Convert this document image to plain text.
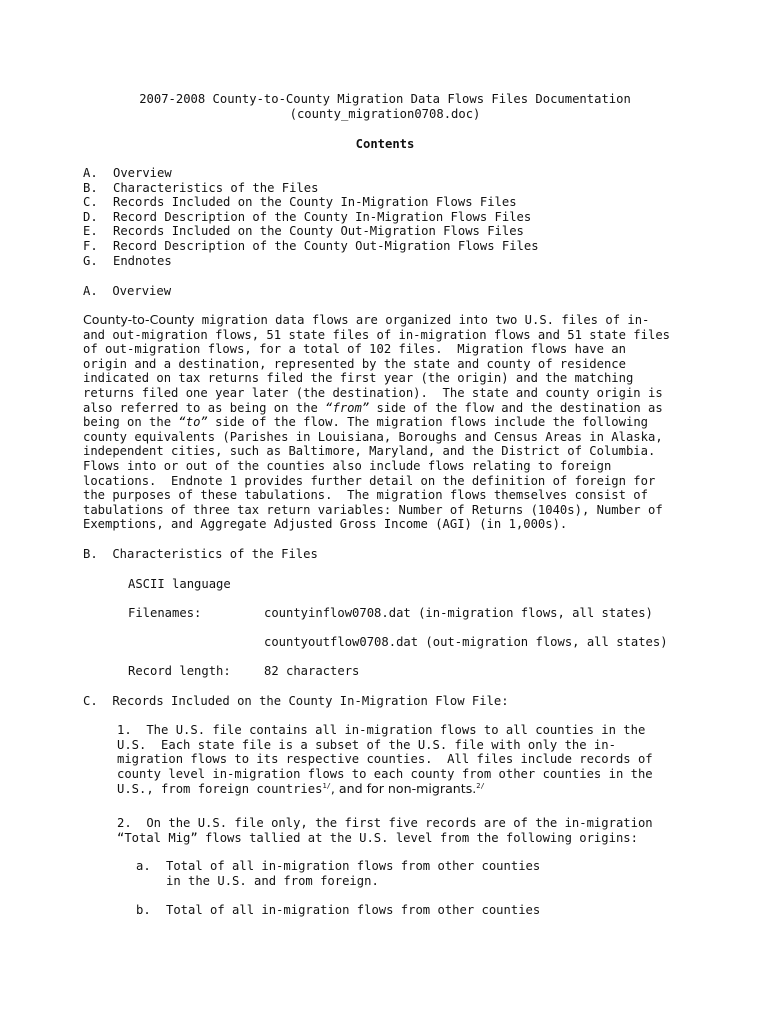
2007-2008 County-to-County Migration Data Flows Files Documentation
(county_migration0708.doc)
Contents
A.	Overview
B.	Characteristics of the Files
C.	Records Included on the County In-Migration Flows Files
D.	Record Description of the County In-Migration Flows Files
E.	Records Included on the County Out-Migration Flows Files
F.	Record Description of the County Out-Migration Flows Files
G.	Endnotes
A.  Overview
County-to-County migration data flows are organized into two U.S. files of in-
and out-migration flows, 51 state files of in-migration flows and 51 state files
of out-migration flows, for a total of 102 files.  Migration flows have an
origin and a destination, represented by the state and county of residence
indicated on tax returns filed the first year (the origin) and the matching
returns filed one year later (the destination).  The state and county origin is
also referred to as being on the “from” side of the flow and the destination as
being on the “to” side of the flow. The migration flows include the following
county equivalents (Parishes in Louisiana, Boroughs and Census Areas in Alaska,
independent cities, such as Baltimore, Maryland, and the District of Columbia.
Flows into or out of the counties also include flows relating to foreign
locations.  Endnote 1 provides further detail on the definition of foreign for
the purposes of these tabulations.  The migration flows themselves consist of
tabulations of three tax return variables: Number of Returns (1040s), Number of
Exemptions, and Aggregate Adjusted Gross Income (AGI) (in 1,000s).
B.  Characteristics of the Files
ASCII language
Filenames:	countyinflow0708.dat (in-migration flows, all states)
countyoutflow0708.dat (out-migration flows, all states)
Record length:	82 characters
C.  Records Included on the County In-Migration Flow File:
1.  The U.S. file contains all in-migration flows to all counties in the
U.S.  Each state file is a subset of the U.S. file with only the in-
migration flows to its respective counties.  All files include records of
county level in-migration flows to each county from other counties in the
U.S., from foreign countries$^{1/}$, and for non-migrants.$^{2/}$
2.  On the U.S. file only, the first five records are of the in-migration
“Total Mig” flows tallied at the U.S. level from the following origins:
a.	Total of all in-migration flows from other counties
in the U.S. and from foreign.
b.	Total of all in-migration flows from other counties
